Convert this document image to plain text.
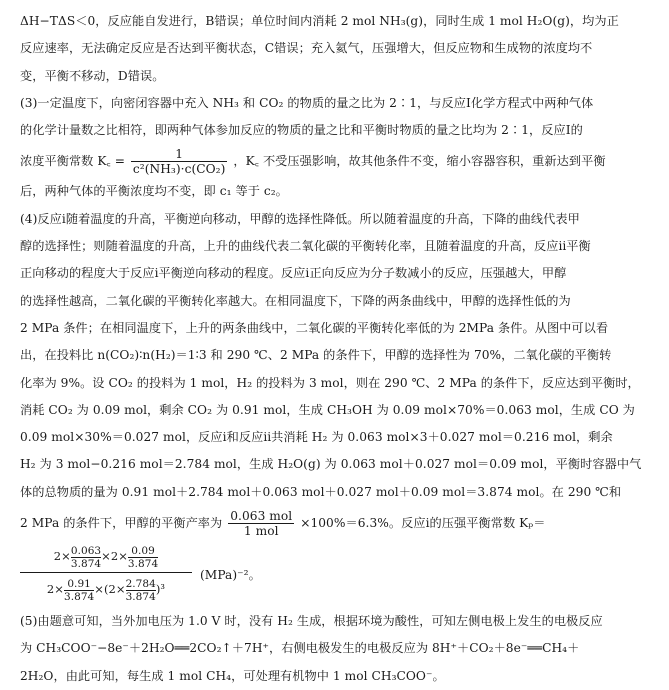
ΔH−TΔS＜0，反应能自发进行，B错误；单位时间内消耗 2 mol NH₃(g)，同时生成 1 mol H₂O(g)，均为正
反应速率，无法确定反应是否达到平衡状态，C错误；充入氦气，压强增大，但反应物和生成物的浓度均不
变，平衡不移动，D错误。
(3)一定温度下，向密闭容器中充入 NH₃ 和 CO₂ 的物质的量之比为 2∶1，与反应Ⅰ化学方程式中两种气体
的化学计量数之比相符，即两种气体参加反应的物质的量之比和平衡时物质的量之比均为 2∶1，反应Ⅰ的
浓度平衡常数 K꜀ = $\frac{1}{\text{c²(NH₃)·c(CO₂)}}$ ，K꜀ 不受压强影响，故其他条件不变，缩小容器容积，重新达到平衡
后，两种气体的平衡浓度均不变，即 c₁ 等于 c₂。
(4)反应ⅰ随着温度的升高，平衡逆向移动，甲醇的选择性降低。所以随着温度的升高，下降的曲线代表甲
醇的选择性；则随着温度的升高，上升的曲线代表二氧化碳的平衡转化率，且随着温度的升高，反应ⅱ平衡
正向移动的程度大于反应ⅰ平衡逆向移动的程度。反应ⅰ正向反应为分子数减小的反应，压强越大，甲醇
的选择性越高，二氧化碳的平衡转化率越大。在相同温度下，下降的两条曲线中，甲醇的选择性低的为
2 MPa 条件；在相同温度下，上升的两条曲线中，二氧化碳的平衡转化率低的为 2MPa 条件。从图中可以看
出，在投料比 n(CO₂)∶n(H₂)＝1∶3 和 290 ℃、2 MPa 的条件下，甲醇的选择性为 70%，二氧化碳的平衡转
化率为 9%。设 CO₂ 的投料为 1 mol，H₂ 的投料为 3 mol，则在 290 ℃、2 MPa 的条件下，反应达到平衡时，
消耗 CO₂ 为 0.09 mol，剩余 CO₂ 为 0.91 mol，生成 CH₃OH 为 0.09 mol×70%＝0.063 mol，生成 CO 为
0.09 mol×30%＝0.027 mol，反应ⅰ和反应ⅱ共消耗 H₂ 为 0.063 mol×3＋0.027 mol＝0.216 mol，剩余
H₂ 为 3 mol−0.216 mol＝2.784 mol，生成 H₂O(g) 为 0.063 mol＋0.027 mol＝0.09 mol，平衡时容器中气
体的总物质的量为 0.91 mol＋2.784 mol＋0.063 mol＋0.027 mol＋0.09 mol＝3.874 mol。在 290 ℃和
2 MPa 的条件下，甲醇的平衡产率为 $\frac{\text{0.063 mol}}{\text{1 mol}} \times 100\%=6.3\%$。反应ⅰ的压强平衡常数 Kₚ＝
$\frac{2\times \frac{0.063}{3.874} \times 2\times \frac{0.09}{3.874}}{2\times \frac{0.91}{3.874} \times(2\times \frac{2.784}{3.874} )^3} (MPa)^{-2}$。
(5)由题意可知，当外加电压为 1.0 V 时，没有 H₂ 生成，根据环境为酸性，可知左侧电极上发生的电极反应
为 CH₃COO⁻−8e⁻＋2H₂O══2CO₂↑＋7H⁺，右侧电极发生的电极反应为 8H⁺＋CO₂＋8e⁻══CH₄＋
2H₂O，由此可知，每生成 1 mol CH₄，可处理有机物中 1 mol CH₃COO⁻。
